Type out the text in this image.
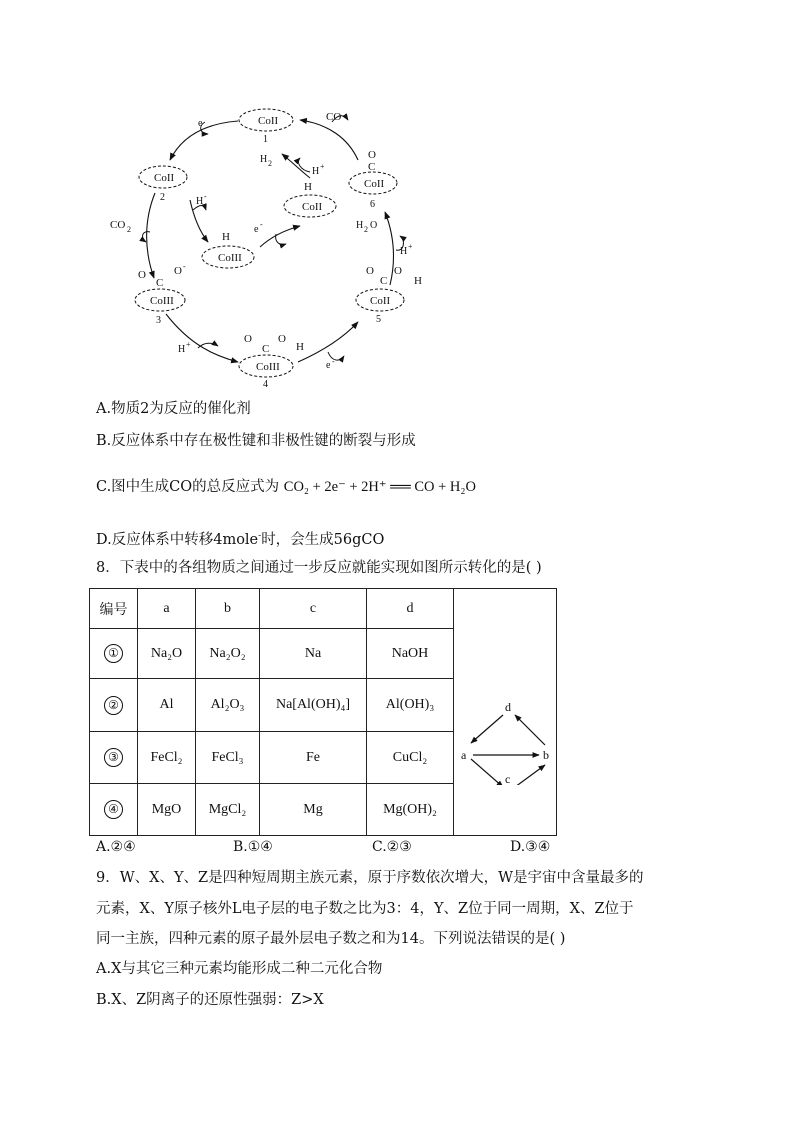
CoII
1
CoII
2
CoIII
3
O
C
O -
CoIII
4
O
C
O
H
CoII
5
O
C
O
H
CoII
6
O
C
CoIII
H
CoII
H
CO
e
H -
CO 2
H +
e -
H +
H 2 O
e -
H 2
H +
A.物质2为反应的催化剂
B.反应体系中存在极性键和非极性键的断裂与形成
C.图中生成CO的总反应式为 CO₂ + 2e⁻ + 2H⁺ ══ CO + H₂O
D.反应体系中转移4mole-时，会生成56gCO
8．下表中的各组物质之间通过一步反应就能实现如图所示转化的是( )
编号	a	b	c	d	a b
c
d

①	Na₂O	Na₂O₂	Na	NaOH	
②	Al	Al₂O₃	Na[Al(OH)₄]	Al(OH)₃	
③	FeCl₂	FeCl₃	Fe	CuCl₂	
④	MgO	MgCl₂	Mg	Mg(OH)₂	
A.②④	B.①④	C.②③	D.③④
9．W、X、Y、Z是四种短周期主族元素，原于序数依次增大，W是宇宙中含量最多的
元素，X、Y原子核外L电子层的电子数之比为3：4，Y、Z位于同一周期，X、Z位于
同一主族，四种元素的原子最外层电子数之和为14。下列说法错误的是( )
A.X与其它三种元素均能形成二种二元化合物
B.X、Z阴离子的还原性强弱：Z>X
